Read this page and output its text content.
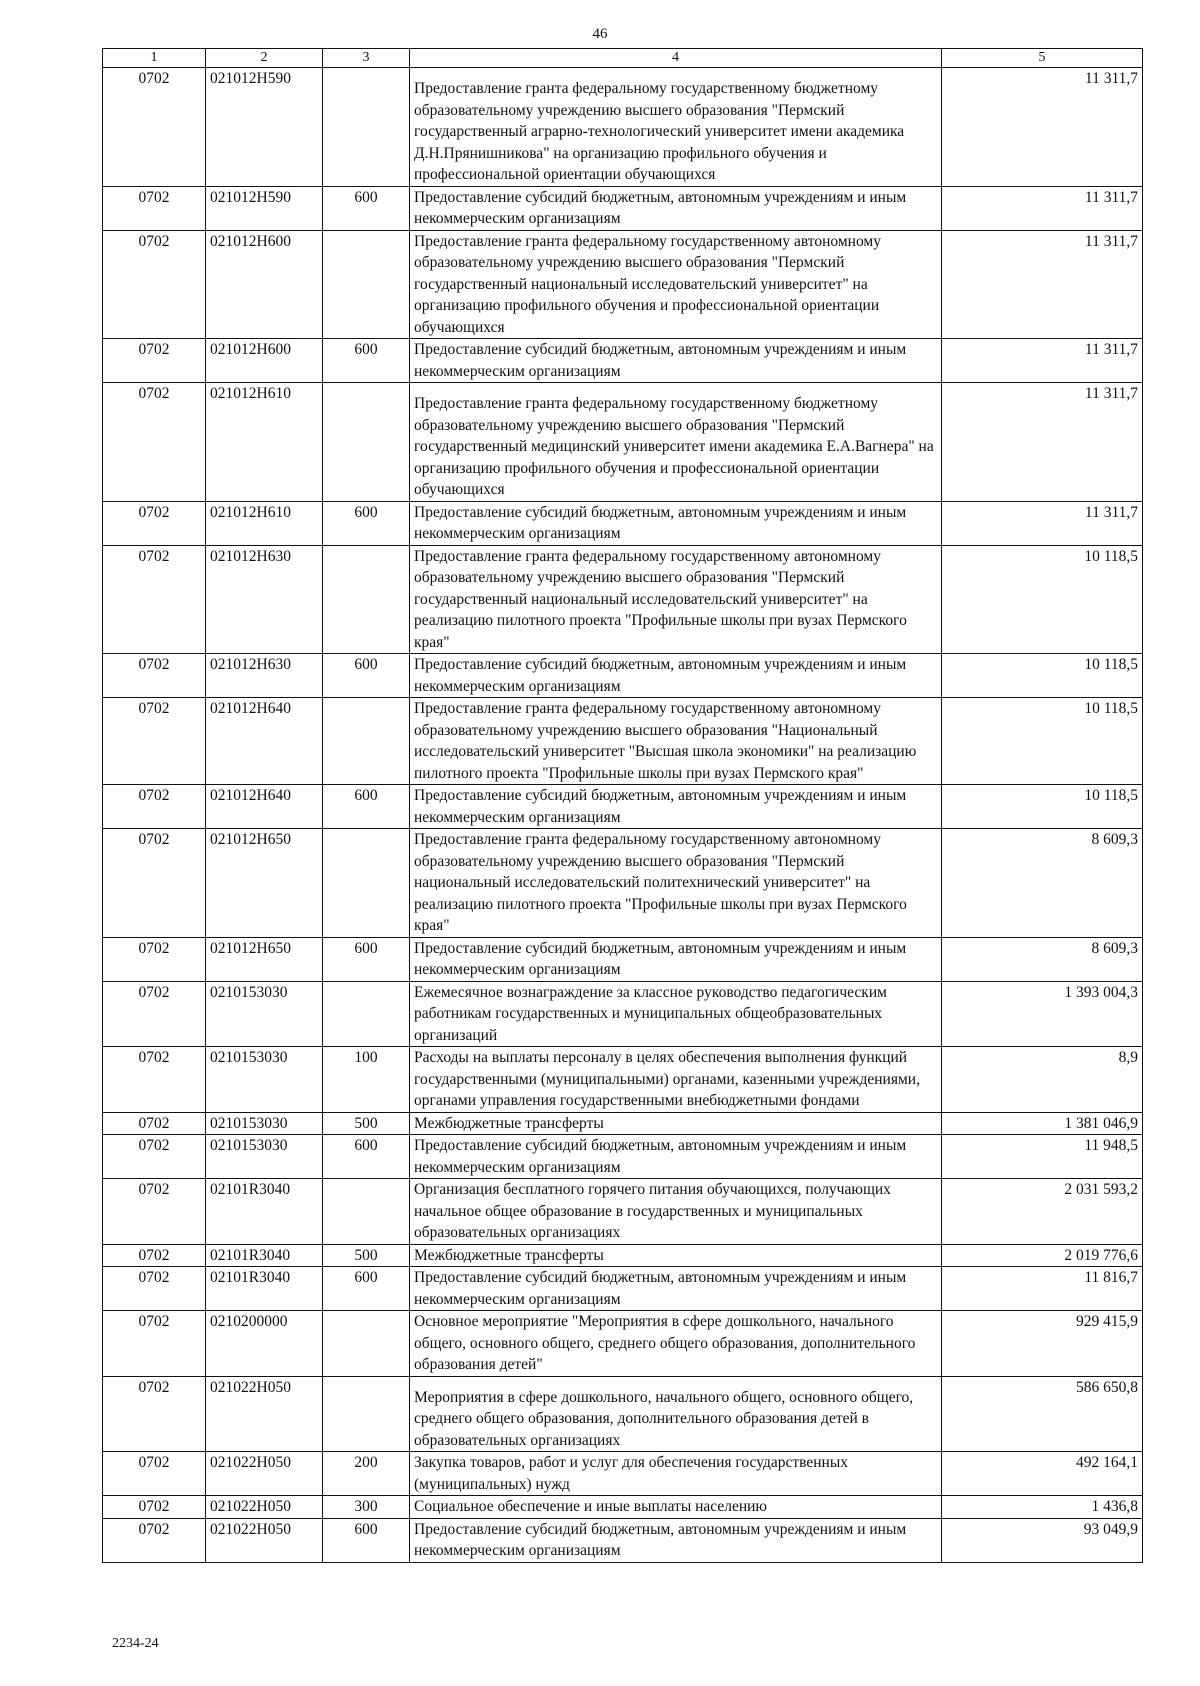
46
1	2	3	4	5
0702	021012Н590		Предоставление гранта федеральному государственному бюджетному образовательному учреждению высшего образования "Пермский государственный аграрно-технологический университет имени академика Д.Н.Прянишникова" на организацию профильного обучения и профессиональной ориентации обучающихся	11 311,7
0702	021012Н590	600	Предоставление субсидий бюджетным, автономным учреждениям и иным некоммерческим организациям	11 311,7
0702	021012Н600		Предоставление гранта федеральному государственному автономному образовательному учреждению высшего образования "Пермский государственный национальный исследовательский университет" на организацию профильного обучения и профессиональной ориентации обучающихся	11 311,7
0702	021012Н600	600	Предоставление субсидий бюджетным, автономным учреждениям и иным некоммерческим организациям	11 311,7
0702	021012Н610		Предоставление гранта федеральному государственному бюджетному образовательному учреждению высшего образования "Пермский государственный медицинский университет имени академика Е.А.Вагнера" на организацию профильного обучения и профессиональной ориентации обучающихся	11 311,7
0702	021012Н610	600	Предоставление субсидий бюджетным, автономным учреждениям и иным некоммерческим организациям	11 311,7
0702	021012Н630		Предоставление гранта федеральному государственному автономному образовательному учреждению высшего образования "Пермский государственный национальный исследовательский университет" на реализацию пилотного проекта "Профильные школы при вузах Пермского края"	10 118,5
0702	021012Н630	600	Предоставление субсидий бюджетным, автономным учреждениям и иным некоммерческим организациям	10 118,5
0702	021012Н640		Предоставление гранта федеральному государственному автономному образовательному учреждению высшего образования "Национальный исследовательский университет "Высшая школа экономики" на реализацию пилотного проекта "Профильные школы при вузах Пермского края"	10 118,5
0702	021012Н640	600	Предоставление субсидий бюджетным, автономным учреждениям и иным некоммерческим организациям	10 118,5
0702	021012Н650		Предоставление гранта федеральному государственному автономному образовательному учреждению высшего образования "Пермский национальный исследовательский политехнический университет" на реализацию пилотного проекта "Профильные школы при вузах Пермского края"	8 609,3
0702	021012Н650	600	Предоставление субсидий бюджетным, автономным учреждениям и иным некоммерческим организациям	8 609,3
0702	0210153030		Ежемесячное вознаграждение за классное руководство педагогическим работникам государственных и муниципальных общеобразовательных организаций	1 393 004,3
0702	0210153030	100	Расходы на выплаты персоналу в целях обеспечения выполнения функций государственными (муниципальными) органами, казенными учреждениями, органами управления государственными внебюджетными фондами	8,9
0702	0210153030	500	Межбюджетные трансферты	1 381 046,9
0702	0210153030	600	Предоставление субсидий бюджетным, автономным учреждениям и иным некоммерческим организациям	11 948,5
0702	02101R3040		Организация бесплатного горячего питания обучающихся, получающих начальное общее образование в государственных и муниципальных образовательных организациях	2 031 593,2
0702	02101R3040	500	Межбюджетные трансферты	2 019 776,6
0702	02101R3040	600	Предоставление субсидий бюджетным, автономным учреждениям и иным некоммерческим организациям	11 816,7
0702	0210200000		Основное мероприятие "Мероприятия в сфере дошкольного, начального общего, основного общего, среднего общего образования, дополнительного образования детей"	929 415,9
0702	021022Н050		Мероприятия в сфере дошкольного, начального общего, основного общего, среднего общего образования, дополнительного образования детей в образовательных организациях	586 650,8
0702	021022Н050	200	Закупка товаров, работ и услуг для обеспечения государственных (муниципальных) нужд	492 164,1
0702	021022Н050	300	Социальное обеспечение и иные выплаты населению	1 436,8
0702	021022Н050	600	Предоставление субсидий бюджетным, автономным учреждениям и иным некоммерческим организациям	93 049,9
2234-24
